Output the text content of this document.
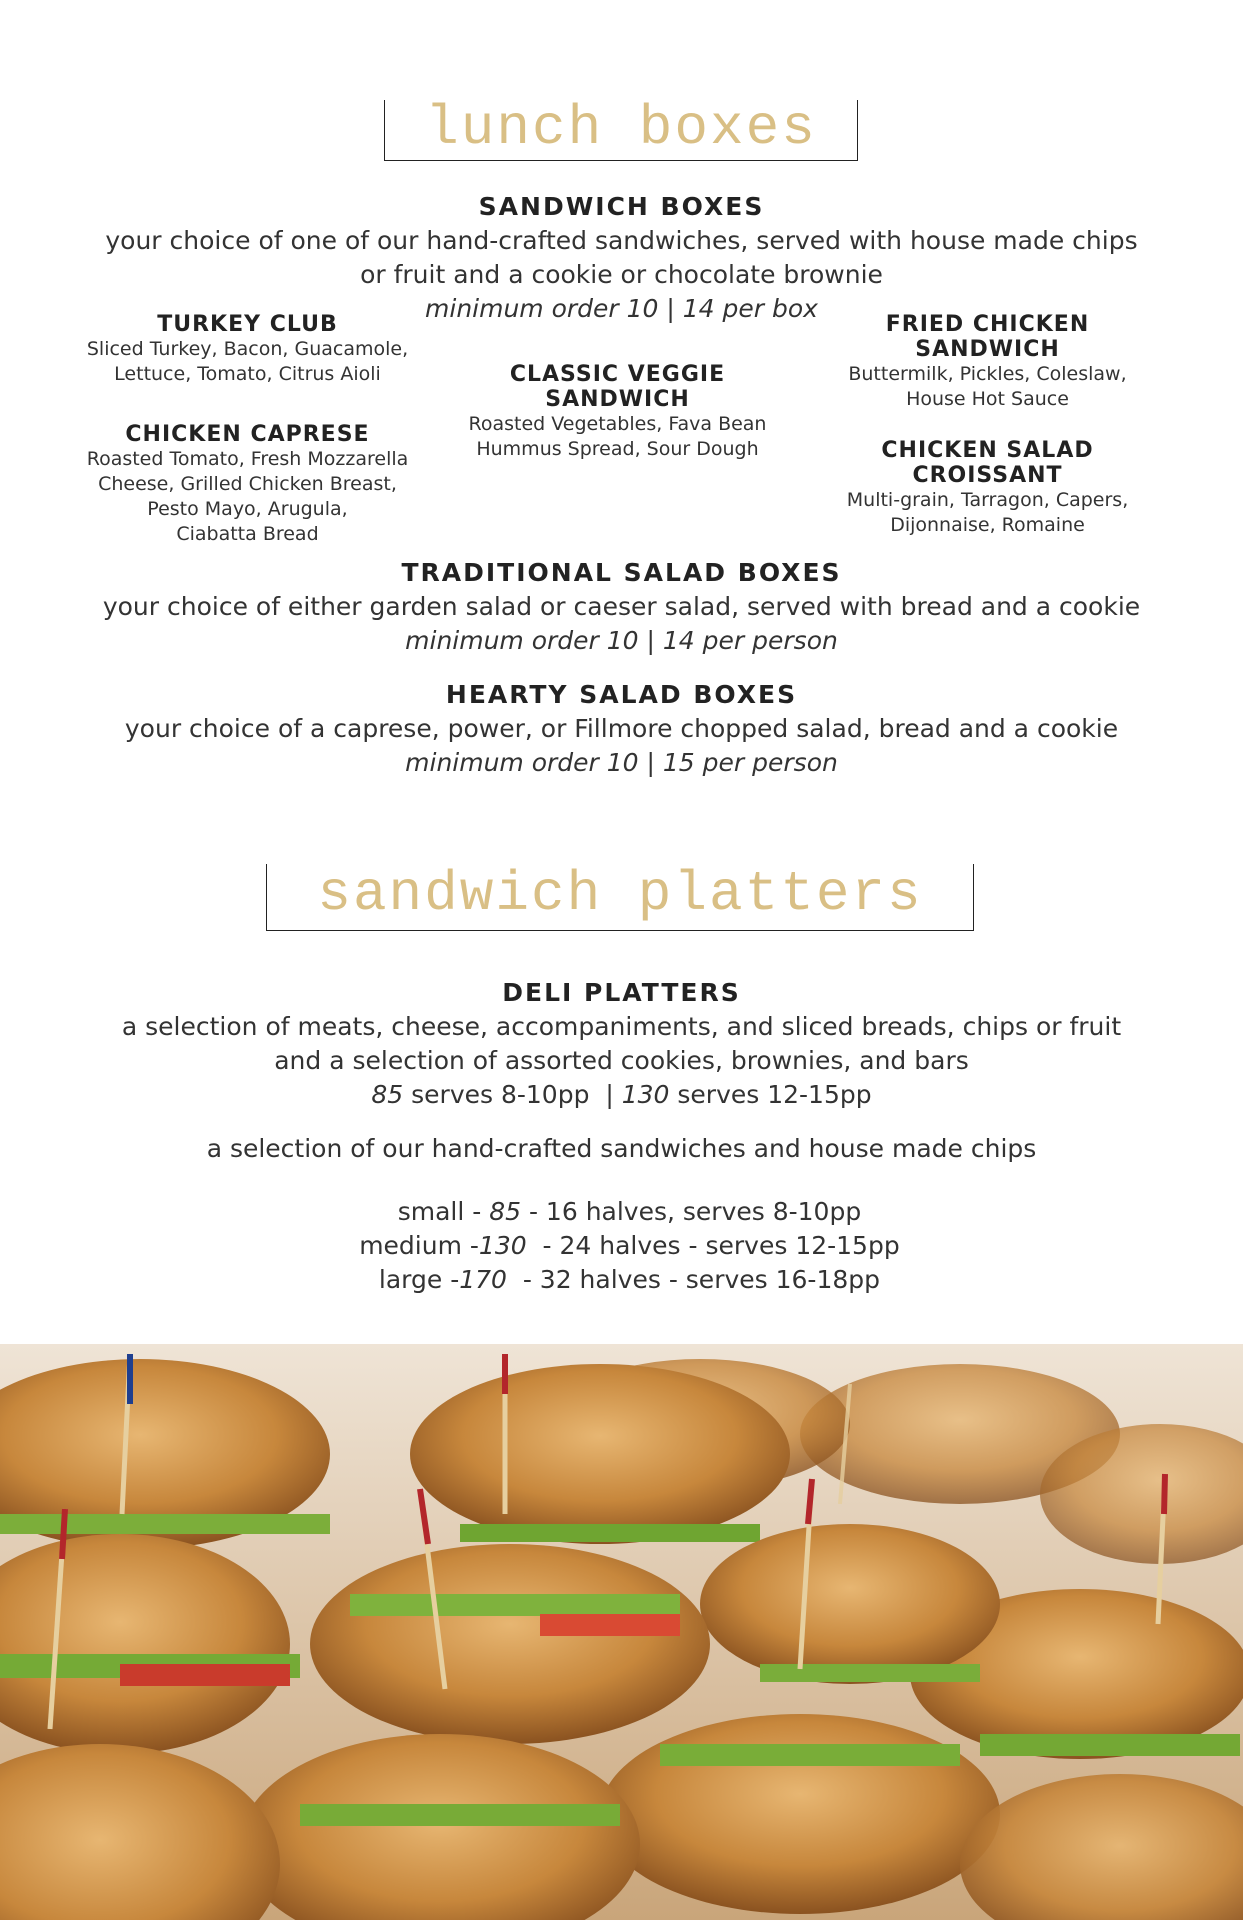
lunch boxes
SANDWICH BOXES
your choice of one of our hand-crafted sandwiches, served with house made chips
or fruit and a cookie or chocolate brownie
minimum order 10 | 14 per box
TURKEY CLUB
Sliced Turkey, Bacon, Guacamole,
Lettuce, Tomato, Citrus Aioli
CHICKEN CAPRESE
Roasted Tomato, Fresh Mozzarella
Cheese, Grilled Chicken Breast,
Pesto Mayo, Arugula,
Ciabatta Bread
CLASSIC VEGGIE
SANDWICH
Roasted Vegetables, Fava Bean
Hummus Spread, Sour Dough
FRIED CHICKEN
SANDWICH
Buttermilk, Pickles, Coleslaw,
House Hot Sauce
CHICKEN SALAD
CROISSANT
Multi-grain, Tarragon, Capers,
Dijonnaise, Romaine
TRADITIONAL SALAD BOXES
your choice of either garden salad or caeser salad, served with bread and a cookie
minimum order 10 | 14 per person
HEARTY SALAD BOXES
your choice of a caprese, power, or Fillmore chopped salad, bread and a cookie
minimum order 10 | 15 per person
sandwich platters
DELI PLATTERS
a selection of meats, cheese, accompaniments, and sliced breads, chips or fruit
and a selection of assorted cookies, brownies, and bars
85 serves 8-10pp  | 130 serves 12-15pp
a selection of our hand-crafted sandwiches and house made chips

small - 85 - 16 halves, serves 8-10pp

medium -130  - 24 halves - serves 12-15pp

large -170  - 32 halves - serves 16-18pp
